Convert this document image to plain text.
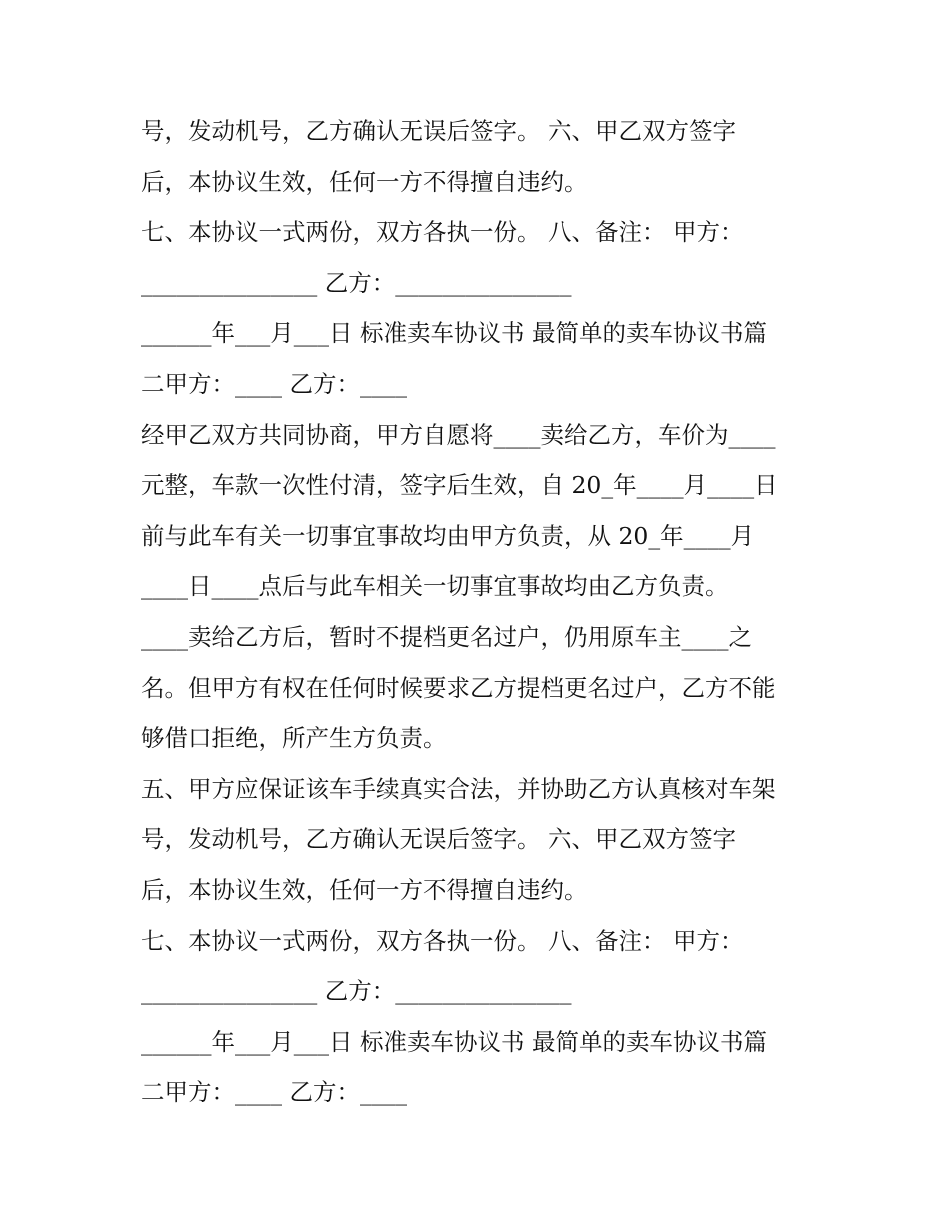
号，发动机号，乙方确认无误后签字。 六、甲乙双方签字
后，本协议生效，任何一方不得擅自违约。
七、本协议一式两份，双方各执一份。 八、备注： 甲方：
_______________ 乙方：_______________
______年___月___日 标准卖车协议书 最简单的卖车协议书篇
二甲方：____ 乙方：____
经甲乙双方共同协商，甲方自愿将____卖给乙方，车价为____
元整，车款一次性付清，签字后生效，自 20_年____月____日
前与此车有关一切事宜事故均由甲方负责，从 20_年____月
____日____点后与此车相关一切事宜事故均由乙方负责。
____卖给乙方后，暂时不提档更名过户，仍用原车主____之
名。但甲方有权在任何时候要求乙方提档更名过户，乙方不能
够借口拒绝，所产生方负责。
五、甲方应保证该车手续真实合法，并协助乙方认真核对车架
号，发动机号，乙方确认无误后签字。 六、甲乙双方签字
后，本协议生效，任何一方不得擅自违约。
七、本协议一式两份，双方各执一份。 八、备注： 甲方：
_______________ 乙方：_______________
______年___月___日 标准卖车协议书 最简单的卖车协议书篇
二甲方：____ 乙方：____
